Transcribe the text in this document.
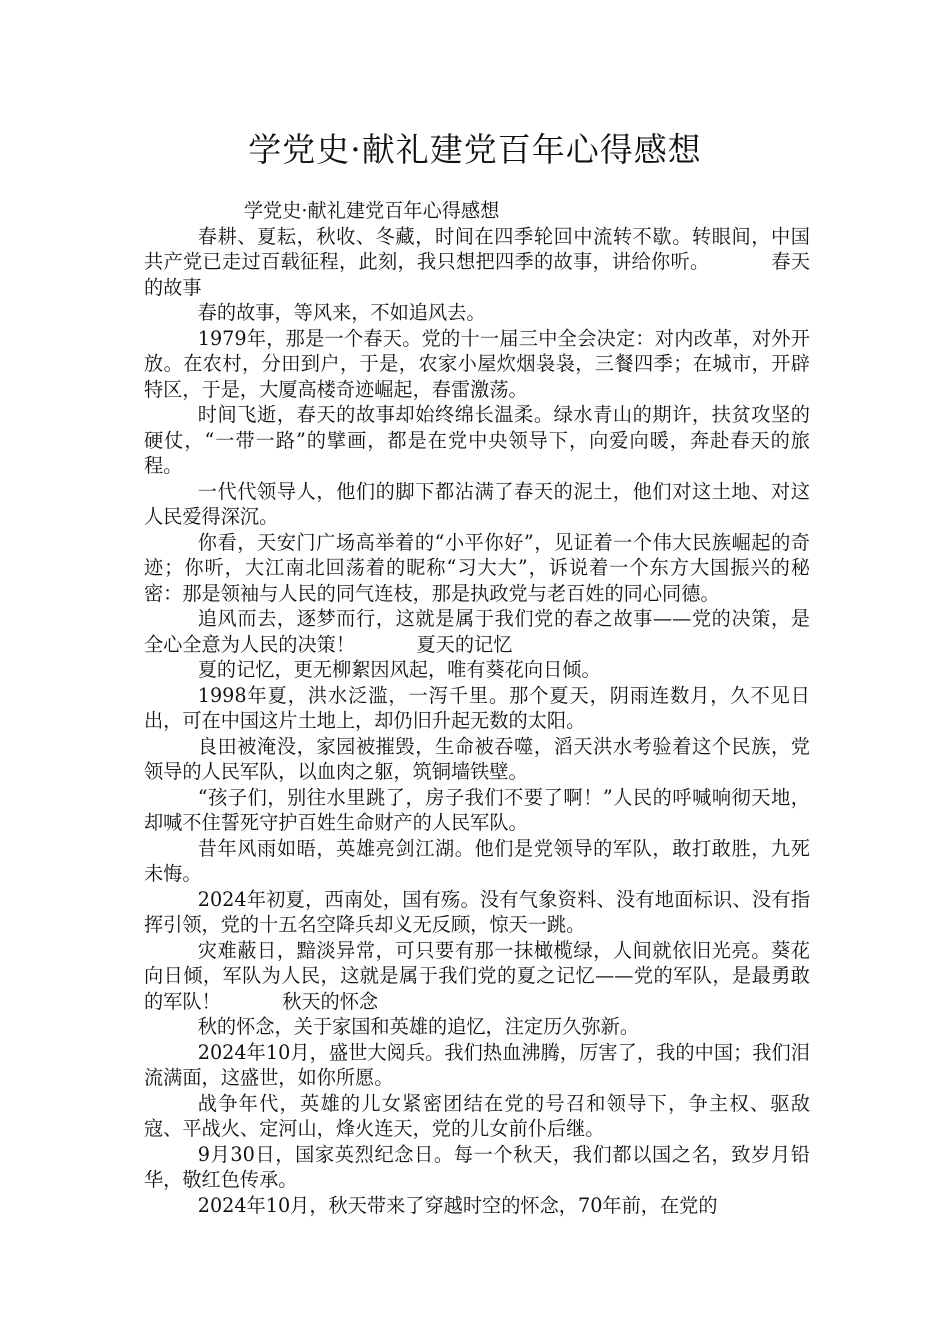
学党史·献礼建党百年心得感想

学党史·献礼建党百年心得感想

春耕、夏耘，秋收、冬藏，时间在四季轮回中流转不歇。转眼间，中国共产党已走过百载征程，此刻，我只想把四季的故事，讲给你听。	春天的故事

春的故事，等风来，不如追风去。

1979年，那是一个春天。党的十一届三中全会决定：对内改革，对外开放。在农村，分田到户，于是，农家小屋炊烟袅袅，三餐四季；在城市，开辟特区，于是，大厦高楼奇迹崛起，春雷激荡。

时间飞逝，春天的故事却始终绵长温柔。绿水青山的期许，扶贫攻坚的硬仗，“一带一路”的擘画，都是在党中央领导下，向爱向暖，奔赴春天的旅程。

一代代领导人，他们的脚下都沾满了春天的泥土，他们对这土地、对这人民爱得深沉。

你看，天安门广场高举着的“小平你好”，见证着一个伟大民族崛起的奇迹；你听，大江南北回荡着的昵称“习大大”，诉说着一个东方大国振兴的秘密：那是领袖与人民的同气连枝，那是执政党与老百姓的同心同德。

追风而去，逐梦而行，这就是属于我们党的春之故事——党的决策，是全心全意为人民的决策！	夏天的记忆

夏的记忆，更无柳絮因风起，唯有葵花向日倾。

1998年夏，洪水泛滥，一泻千里。那个夏天，阴雨连数月，久不见日出，可在中国这片土地上，却仍旧升起无数的太阳。

良田被淹没，家园被摧毁，生命被吞噬，滔天洪水考验着这个民族，党领导的人民军队，以血肉之躯，筑铜墙铁壁。

“孩子们，别往水里跳了，房子我们不要了啊！”人民的呼喊响彻天地，却喊不住誓死守护百姓生命财产的人民军队。

昔年风雨如晤，英雄亮剑江湖。他们是党领导的军队，敢打敢胜，九死未悔。

2024年初夏，西南处，国有殇。没有气象资料、没有地面标识、没有指挥引领，党的十五名空降兵却义无反顾，惊天一跳。

灾难蔽日，黯淡异常，可只要有那一抹橄榄绿，人间就依旧光亮。葵花向日倾，军队为人民，这就是属于我们党的夏之记忆——党的军队，是最勇敢的军队！	秋天的怀念

秋的怀念，关于家国和英雄的追忆，注定历久弥新。

2024年10月，盛世大阅兵。我们热血沸腾，厉害了，我的中国；我们泪流满面，这盛世，如你所愿。

战争年代，英雄的儿女紧密团结在党的号召和领导下，争主权、驱敌寇、平战火、定河山，烽火连天，党的儿女前仆后继。

9月30日，国家英烈纪念日。每一个秋天，我们都以国之名，致岁月铅华，敬红色传承。

2024年10月，秋天带来了穿越时空的怀念，70年前，在党的
